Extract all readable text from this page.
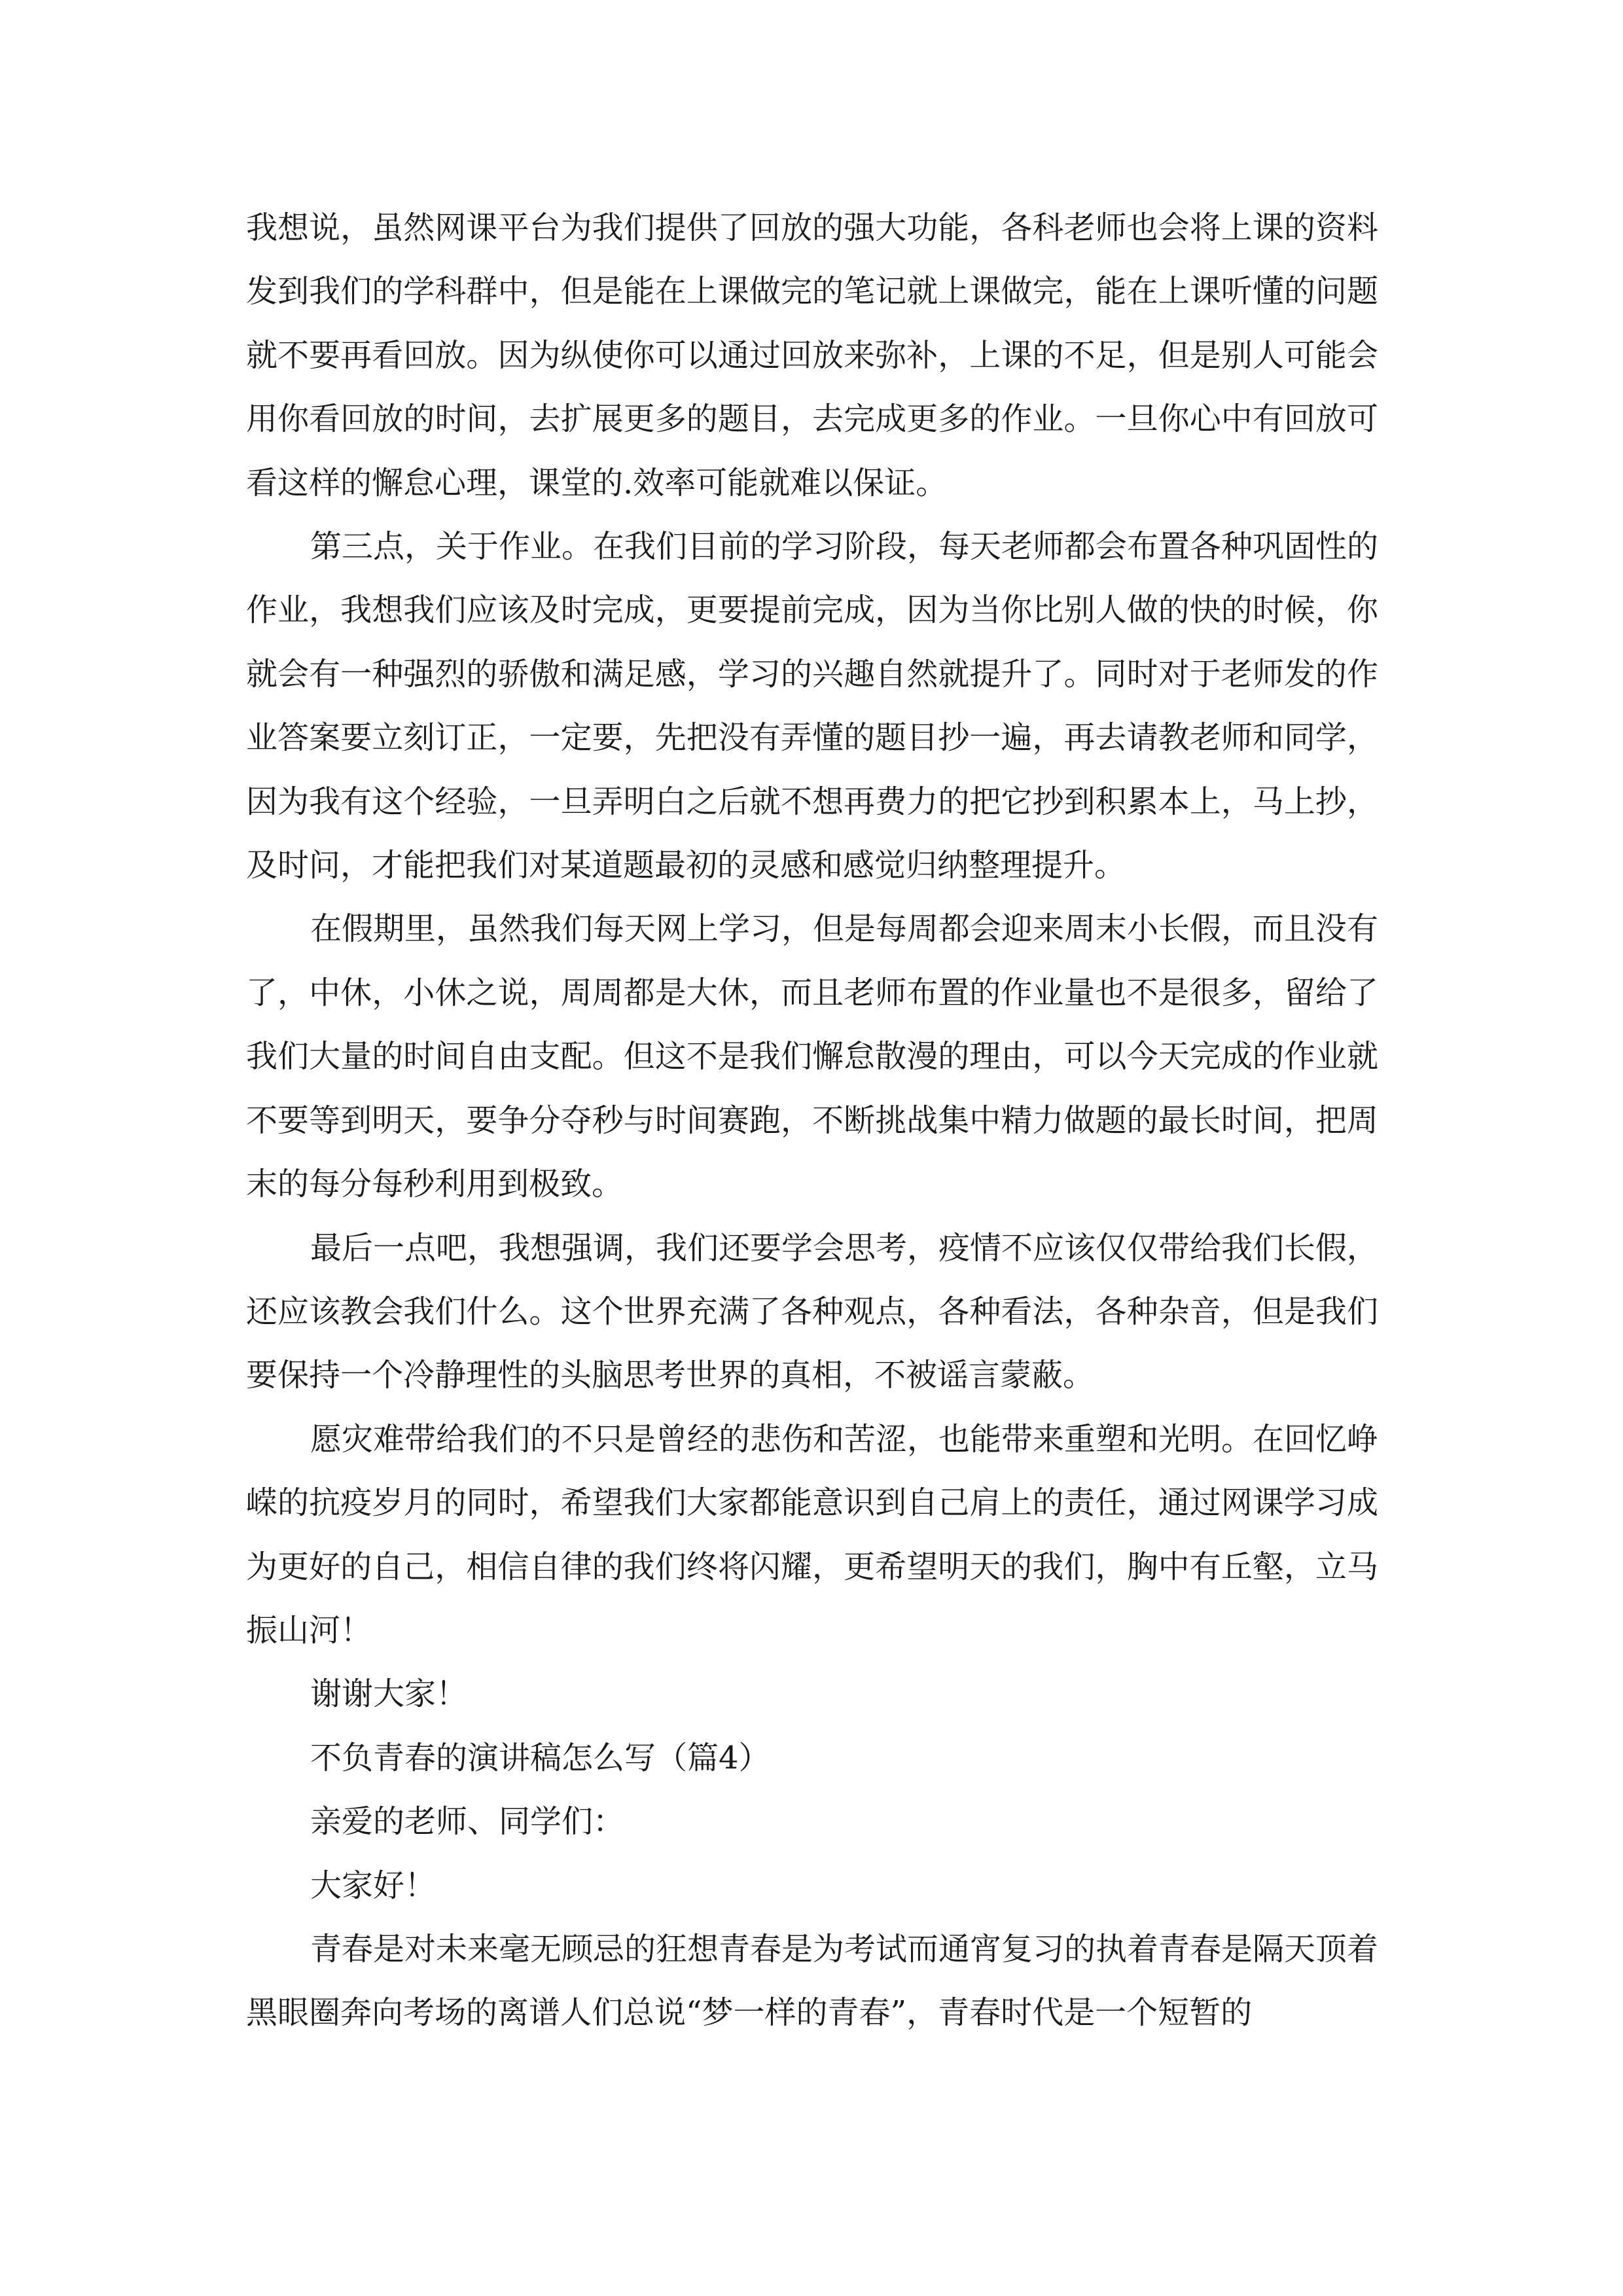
我想说，虽然网课平台为我们提供了回放的强大功能，各科老师也会将上课的资料发到我们的学科群中，但是能在上课做完的笔记就上课做完，能在上课听懂的问题就不要再看回放。因为纵使你可以通过回放来弥补，上课的不足，但是别人可能会用你看回放的时间，去扩展更多的题目，去完成更多的作业。一旦你心中有回放可看这样的懈怠心理，课堂的.效率可能就难以保证。

第三点，关于作业。在我们目前的学习阶段，每天老师都会布置各种巩固性的作业，我想我们应该及时完成，更要提前完成，因为当你比别人做的快的时候，你就会有一种强烈的骄傲和满足感，学习的兴趣自然就提升了。同时对于老师发的作业答案要立刻订正，一定要，先把没有弄懂的题目抄一遍，再去请教老师和同学，因为我有这个经验，一旦弄明白之后就不想再费力的把它抄到积累本上，马上抄，及时问，才能把我们对某道题最初的灵感和感觉归纳整理提升。

在假期里，虽然我们每天网上学习，但是每周都会迎来周末小长假，而且没有了，中休，小休之说，周周都是大休，而且老师布置的作业量也不是很多，留给了我们大量的时间自由支配。但这不是我们懈怠散漫的理由，可以今天完成的作业就不要等到明天，要争分夺秒与时间赛跑，不断挑战集中精力做题的最长时间，把周末的每分每秒利用到极致。

最后一点吧，我想强调，我们还要学会思考，疫情不应该仅仅带给我们长假，还应该教会我们什么。这个世界充满了各种观点，各种看法，各种杂音，但是我们要保持一个冷静理性的头脑思考世界的真相，不被谣言蒙蔽。

愿灾难带给我们的不只是曾经的悲伤和苦涩，也能带来重塑和光明。在回忆峥嵘的抗疫岁月的同时，希望我们大家都能意识到自己肩上的责任，通过网课学习成为更好的自己，相信自律的我们终将闪耀，更希望明天的我们，胸中有丘壑，立马振山河！

谢谢大家！

不负青春的演讲稿怎么写（篇4）

亲爱的老师、同学们：

大家好！

青春是对未来毫无顾忌的狂想青春是为考试而通宵复习的执着青春是隔天顶着黑眼圈奔向考场的离谱人们总说“梦一样的青春”，青春时代是一个短暂的
